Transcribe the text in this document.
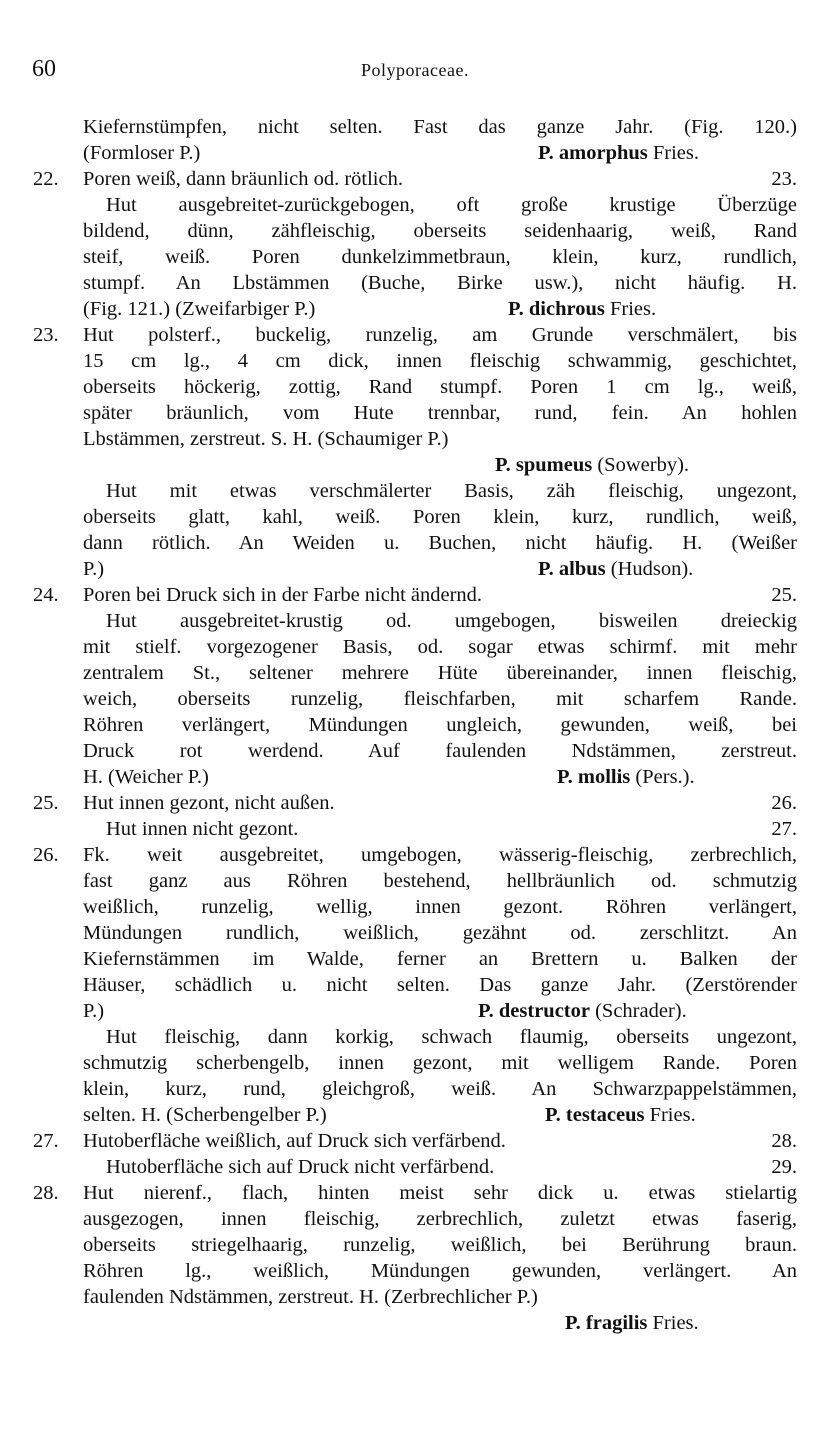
60	Polyporaceae.
Kiefernstümpfen, nicht selten. Fast das ganze Jahr. (Fig. 120.)
(Formloser P.)	P. amorphus Fries.
22. Poren weiß, dann bräunlich od. rötlich.	23.
Hut ausgebreitet-zurückgebogen, oft große krustige Überzüge
bildend, dünn, zähfleischig, oberseits seidenhaarig, weiß, Rand
steif, weiß. Poren dunkelzimmetbraun, klein, kurz, rundlich,
stumpf. An Lbstämmen (Buche, Birke usw.), nicht häufig. H.
(Fig. 121.) (Zweifarbiger P.)	P. dichrous Fries.
23. Hut polsterf., buckelig, runzelig, am Grunde verschmälert, bis
15 cm lg., 4 cm dick, innen fleischig schwammig, geschichtet,
oberseits höckerig, zottig, Rand stumpf. Poren 1 cm lg., weiß,
später bräunlich, vom Hute trennbar, rund, fein. An hohlen
Lbstämmen, zerstreut. S. H. (Schaumiger P.)
P. spumeus (Sowerby).
Hut mit etwas verschmälerter Basis, zäh fleischig, ungezont,
oberseits glatt, kahl, weiß. Poren klein, kurz, rundlich, weiß,
dann rötlich. An Weiden u. Buchen, nicht häufig. H. (Weißer
P.)	P. albus (Hudson).
24. Poren bei Druck sich in der Farbe nicht ändernd.	25.
Hut ausgebreitet-krustig od. umgebogen, bisweilen dreieckig
mit stielf. vorgezogener Basis, od. sogar etwas schirmf. mit mehr
zentralem St., seltener mehrere Hüte übereinander, innen fleischig,
weich, oberseits runzelig, fleischfarben, mit scharfem Rande.
Röhren verlängert, Mündungen ungleich, gewunden, weiß, bei
Druck rot werdend. Auf faulenden Ndstämmen, zerstreut.
H. (Weicher P.)	P. mollis (Pers.).
25. Hut innen gezont, nicht außen.	26.
Hut innen nicht gezont.	27.
26. Fk. weit ausgebreitet, umgebogen, wässerig-fleischig, zerbrechlich,
fast ganz aus Röhren bestehend, hellbräunlich od. schmutzig
weißlich, runzelig, wellig, innen gezont. Röhren verlängert,
Mündungen rundlich, weißlich, gezähnt od. zerschlitzt. An
Kiefernstämmen im Walde, ferner an Brettern u. Balken der
Häuser, schädlich u. nicht selten. Das ganze Jahr. (Zerstörender
P.)	P. destructor (Schrader).
Hut fleischig, dann korkig, schwach flaumig, oberseits ungezont,
schmutzig scherbengelb, innen gezont, mit welligem Rande. Poren
klein, kurz, rund, gleichgroß, weiß. An Schwarzpappelstämmen,
selten. H. (Scherbengelber P.)	P. testaceus Fries.
27. Hutoberfläche weißlich, auf Druck sich verfärbend.	28.
Hutoberfläche sich auf Druck nicht verfärbend.	29.
28. Hut nierenf., flach, hinten meist sehr dick u. etwas stielartig
ausgezogen, innen fleischig, zerbrechlich, zuletzt etwas faserig,
oberseits striegelhaarig, runzelig, weißlich, bei Berührung braun.
Röhren lg., weißlich, Mündungen gewunden, verlängert. An
faulenden Ndstämmen, zerstreut. H. (Zerbrechlicher P.)
P. fragilis Fries.
